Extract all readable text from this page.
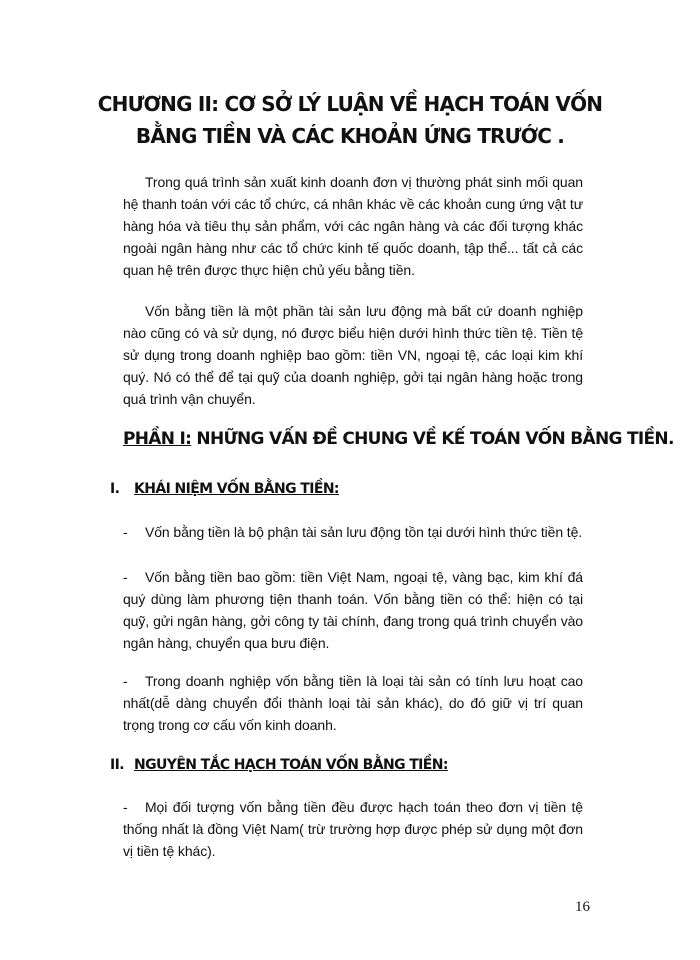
CHƯƠNG II: CƠ SỞ LÝ LUẬN VỀ HẠCH TOÁN VỐN
BẰNG TIỀN VÀ CÁC KHOẢN ỨNG TRƯỚC .

Trong quá trình sản xuất kinh doanh đơn vị thường phát sinh mối quan hệ thanh toán với các tổ chức, cá nhân khác về các khoản cung ứng vật tư hàng hóa và tiêu thụ sản phẩm, với các ngân hàng và các đối tượng khác ngoài ngân hàng như các tổ chức kinh tế quốc doanh, tập thể... tất cả các quan hệ trên được thực hiện chủ yếu bằng tiền.

Vốn bằng tiền là một phần tài sản lưu động mà bất cứ doanh nghiệp nào cũng có và sử dụng, nó được biểu hiện dưới hình thức tiền tệ. Tiền tệ sử dụng trong doanh nghiệp bao gồm: tiền VN, ngoại tệ, các loại kim khí quý. Nó có thể để tại quỹ của doanh nghiệp, gởi tại ngân hàng hoặc trong quá trình vận chuyển.

PHẦN I: NHỮNG VẤN ĐỀ CHUNG VỀ KẾ TOÁN VỐN BẰNG TIỀN.
I. KHÁI NIỆM VỐN BẰNG TIỀN:

- Vốn bằng tiền là bộ phận tài sản lưu động tồn tại dưới hình thức tiền tệ.

- Vốn bằng tiền bao gồm: tiền Việt Nam, ngoại tệ, vàng bạc, kim khí đá quý dùng làm phương tiện thanh toán. Vốn bằng tiền có thể: hiện có tại quỹ, gửi ngân hàng, gởi công ty tài chính, đang trong quá trình chuyển vào ngân hàng, chuyển qua bưu điện.

- Trong doanh nghiệp vốn bằng tiền là loại tài sản có tính lưu hoạt cao nhất(dễ dàng chuyển đổi thành loại tài sản khác), do đó giữ vị trí quan trọng trong cơ cấu vốn kinh doanh.

II. NGUYÊN TẮC HẠCH TOÁN VỐN BẰNG TIỀN:

- Mọi đối tượng vốn bằng tiền đều được hạch toán theo đơn vị tiền tệ thống nhất là đồng Việt Nam( trừ trường hợp được phép sử dụng một đơn vị tiền tệ khác).

16
